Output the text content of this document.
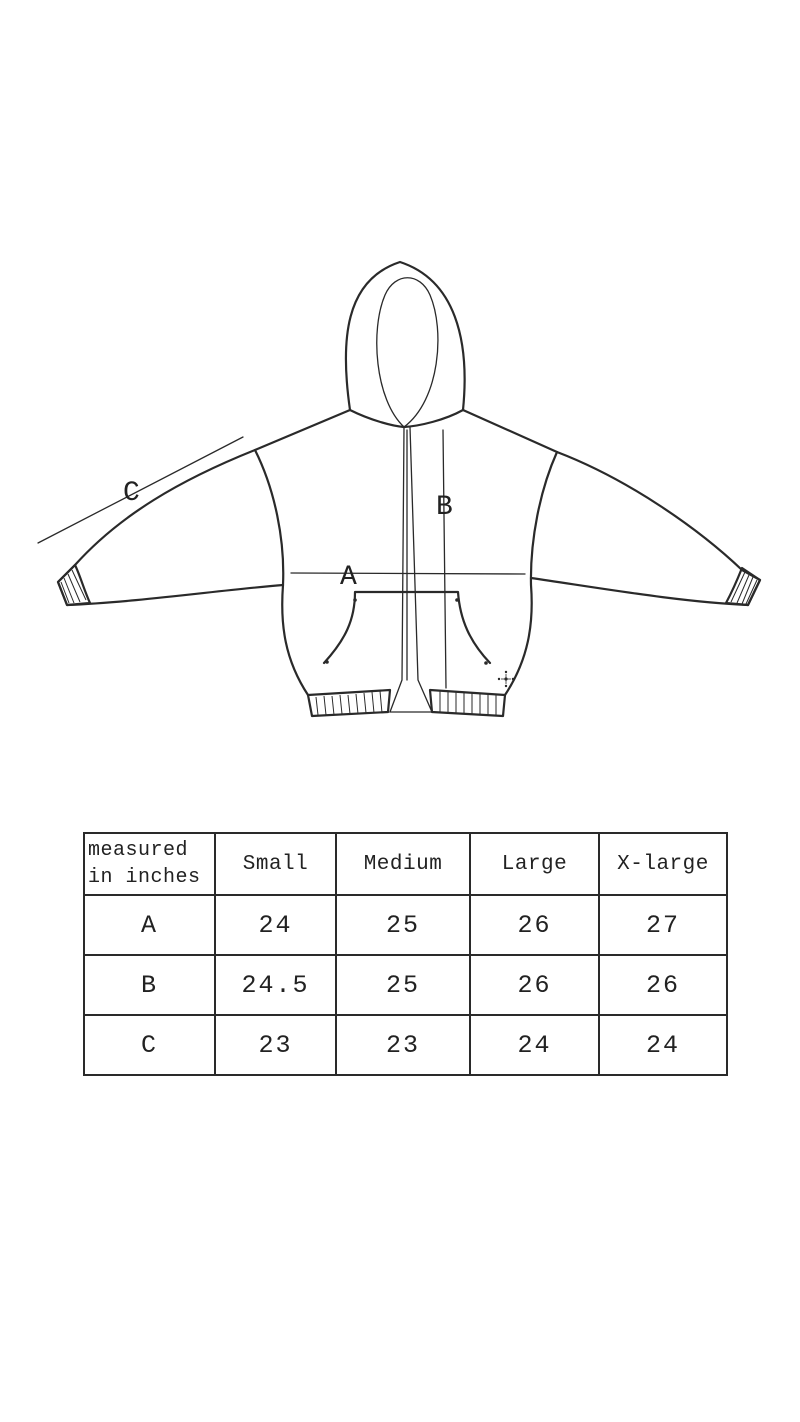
A
B
C
measured
in inches	Small	Medium	Large	X-large
A	24	25	26	27
B	24.5	25	26	26
C	23	23	24	24
